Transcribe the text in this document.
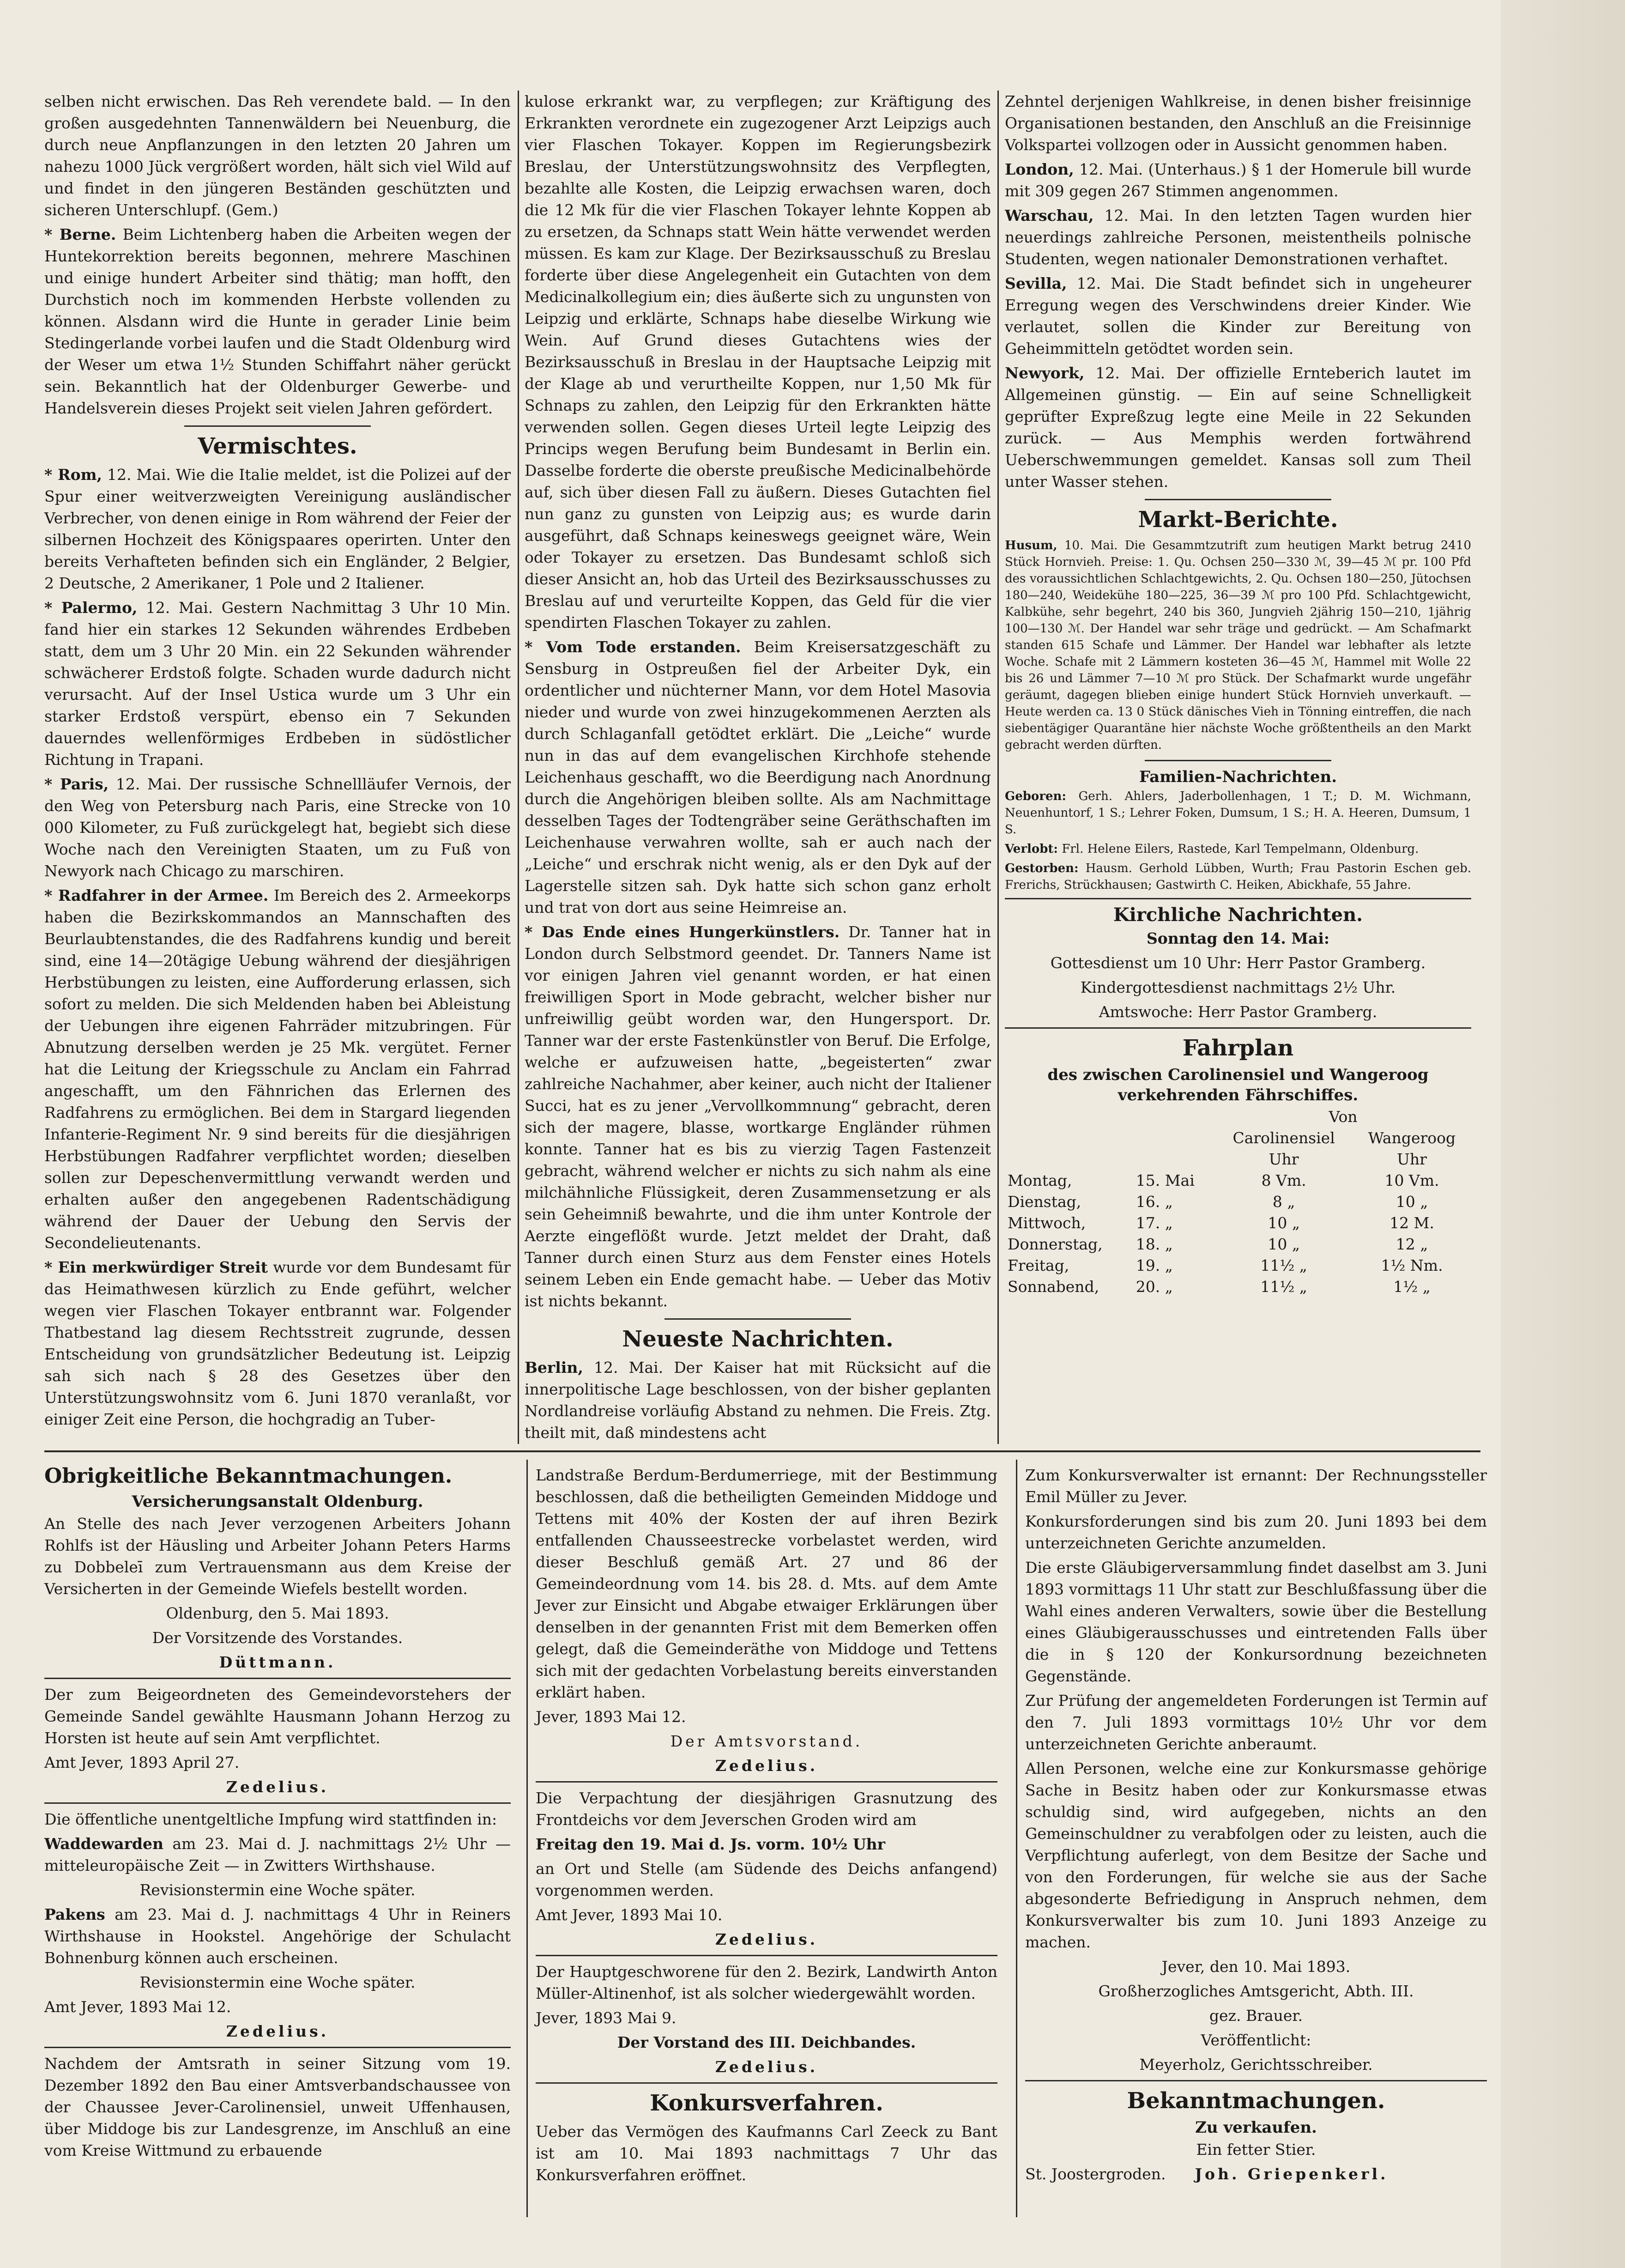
selben nicht erwischen. Das Reh verendete bald. — In den großen ausgedehnten Tannenwäldern bei Neuenburg, die durch neue Anpflanzungen in den letzten 20 Jahren um nahezu 1000 Jück vergrößert worden, hält sich viel Wild auf und findet in den jüngeren Beständen geschützten und sicheren Unterschlupf. (Gem.)

* Berne. Beim Lichtenberg haben die Arbeiten wegen der Huntekorrektion bereits begonnen, mehrere Maschinen und einige hundert Arbeiter sind thätig; man hofft, den Durchstich noch im kommenden Herbste vollenden zu können. Alsdann wird die Hunte in gerader Linie beim Stedingerlande vorbei laufen und die Stadt Oldenburg wird der Weser um etwa 1½ Stunden Schiffahrt näher gerückt sein. Bekanntlich hat der Oldenburger Gewerbe- und Handelsverein dieses Projekt seit vielen Jahren gefördert.

Vermischtes.

* Rom, 12. Mai. Wie die Italie meldet, ist die Polizei auf der Spur einer weitverzweigten Vereinigung ausländischer Verbrecher, von denen einige in Rom während der Feier der silbernen Hochzeit des Königspaares operirten. Unter den bereits Verhafteten befinden sich ein Engländer, 2 Belgier, 2 Deutsche, 2 Amerikaner, 1 Pole und 2 Italiener.

* Palermo, 12. Mai. Gestern Nachmittag 3 Uhr 10 Min. fand hier ein starkes 12 Sekunden währendes Erdbeben statt, dem um 3 Uhr 20 Min. ein 22 Sekunden währender schwächerer Erdstoß folgte. Schaden wurde dadurch nicht verursacht. Auf der Insel Ustica wurde um 3 Uhr ein starker Erdstoß verspürt, ebenso ein 7 Sekunden dauerndes wellenförmiges Erdbeben in südöstlicher Richtung in Trapani.

* Paris, 12. Mai. Der russische Schnellläufer Vernois, der den Weg von Petersburg nach Paris, eine Strecke von 10 000 Kilometer, zu Fuß zurückgelegt hat, begiebt sich diese Woche nach den Vereinigten Staaten, um zu Fuß von Newyork nach Chicago zu marschiren.

* Radfahrer in der Armee. Im Bereich des 2. Armeekorps haben die Bezirkskommandos an Mannschaften des Beurlaubtenstandes, die des Radfahrens kundig und bereit sind, eine 14—20tägige Uebung während der diesjährigen Herbstübungen zu leisten, eine Aufforderung erlassen, sich sofort zu melden. Die sich Meldenden haben bei Ableistung der Uebungen ihre eigenen Fahrräder mitzubringen. Für Abnutzung derselben werden je 25 Mk. vergütet. Ferner hat die Leitung der Kriegsschule zu Anclam ein Fahrrad angeschafft, um den Fähnrichen das Erlernen des Radfahrens zu ermöglichen. Bei dem in Stargard liegenden Infanterie-Regiment Nr. 9 sind bereits für die diesjährigen Herbstübungen Radfahrer verpflichtet worden; dieselben sollen zur Depeschenvermittlung verwandt werden und erhalten außer den angegebenen Radentschädigung während der Dauer der Uebung den Servis der Secondelieutenants.

* Ein merkwürdiger Streit wurde vor dem Bundesamt für das Heimathwesen kürzlich zu Ende geführt, welcher wegen vier Flaschen Tokayer entbrannt war. Folgender Thatbestand lag diesem Rechtsstreit zugrunde, dessen Entscheidung von grundsätzlicher Bedeutung ist. Leipzig sah sich nach § 28 des Gesetzes über den Unterstützungswohnsitz vom 6. Juni 1870 veranlaßt, vor einiger Zeit eine Person, die hochgradig an Tuber-

kulose erkrankt war, zu verpflegen; zur Kräftigung des Erkrankten verordnete ein zugezogener Arzt Leipzigs auch vier Flaschen Tokayer. Koppen im Regierungsbezirk Breslau, der Unterstützungswohnsitz des Verpflegten, bezahlte alle Kosten, die Leipzig erwachsen waren, doch die 12 Mk für die vier Flaschen Tokayer lehnte Koppen ab zu ersetzen, da Schnaps statt Wein hätte verwendet werden müssen. Es kam zur Klage. Der Bezirksausschuß zu Breslau forderte über diese Angelegenheit ein Gutachten von dem Medicinalkollegium ein; dies äußerte sich zu ungunsten von Leipzig und erklärte, Schnaps habe dieselbe Wirkung wie Wein. Auf Grund dieses Gutachtens wies der Bezirksausschuß in Breslau in der Hauptsache Leipzig mit der Klage ab und verurtheilte Koppen, nur 1,50 Mk für Schnaps zu zahlen, den Leipzig für den Erkrankten hätte verwenden sollen. Gegen dieses Urteil legte Leipzig des Princips wegen Berufung beim Bundesamt in Berlin ein. Dasselbe forderte die oberste preußische Medicinalbehörde auf, sich über diesen Fall zu äußern. Dieses Gutachten fiel nun ganz zu gunsten von Leipzig aus; es wurde darin ausgeführt, daß Schnaps keineswegs geeignet wäre, Wein oder Tokayer zu ersetzen. Das Bundesamt schloß sich dieser Ansicht an, hob das Urteil des Bezirksausschusses zu Breslau auf und verurteilte Koppen, das Geld für die vier spendirten Flaschen Tokayer zu zahlen.

* Vom Tode erstanden. Beim Kreisersatzgeschäft zu Sensburg in Ostpreußen fiel der Arbeiter Dyk, ein ordentlicher und nüchterner Mann, vor dem Hotel Masovia nieder und wurde von zwei hinzugekommenen Aerzten als durch Schlaganfall getödtet erklärt. Die „Leiche“ wurde nun in das auf dem evangelischen Kirchhofe stehende Leichenhaus geschafft, wo die Beerdigung nach Anordnung durch die Angehörigen bleiben sollte. Als am Nachmittage desselben Tages der Todtengräber seine Geräthschaften im Leichenhause verwahren wollte, sah er auch nach der „Leiche“ und erschrak nicht wenig, als er den Dyk auf der Lagerstelle sitzen sah. Dyk hatte sich schon ganz erholt und trat von dort aus seine Heimreise an.

* Das Ende eines Hungerkünstlers. Dr. Tanner hat in London durch Selbstmord geendet. Dr. Tanners Name ist vor einigen Jahren viel genannt worden, er hat einen freiwilligen Sport in Mode gebracht, welcher bisher nur unfreiwillig geübt worden war, den Hungersport. Dr. Tanner war der erste Fastenkünstler von Beruf. Die Erfolge, welche er aufzuweisen hatte, „begeisterten“ zwar zahlreiche Nachahmer, aber keiner, auch nicht der Italiener Succi, hat es zu jener „Vervollkommnung“ gebracht, deren sich der magere, blasse, wortkarge Engländer rühmen konnte. Tanner hat es bis zu vierzig Tagen Fastenzeit gebracht, während welcher er nichts zu sich nahm als eine milchähnliche Flüssigkeit, deren Zusammensetzung er als sein Geheimniß bewahrte, und die ihm unter Kontrole der Aerzte eingeflößt wurde. Jetzt meldet der Draht, daß Tanner durch einen Sturz aus dem Fenster eines Hotels seinem Leben ein Ende gemacht habe. — Ueber das Motiv ist nichts bekannt.

Neueste Nachrichten.

Berlin, 12. Mai. Der Kaiser hat mit Rücksicht auf die innerpolitische Lage beschlossen, von der bisher geplanten Nordlandreise vorläufig Abstand zu nehmen. Die Freis. Ztg. theilt mit, daß mindestens acht

Zehntel derjenigen Wahlkreise, in denen bisher freisinnige Organisationen bestanden, den Anschluß an die Freisinnige Volkspartei vollzogen oder in Aussicht genommen haben.

London, 12. Mai. (Unterhaus.) § 1 der Homerule bill wurde mit 309 gegen 267 Stimmen angenommen.

Warschau, 12. Mai. In den letzten Tagen wurden hier neuerdings zahlreiche Personen, meistentheils polnische Studenten, wegen nationaler Demonstrationen verhaftet.

Sevilla, 12. Mai. Die Stadt befindet sich in ungeheurer Erregung wegen des Verschwindens dreier Kinder. Wie verlautet, sollen die Kinder zur Bereitung von Geheimmitteln getödtet worden sein.

Newyork, 12. Mai. Der offizielle Ernteberich lautet im Allgemeinen günstig. — Ein auf seine Schnelligkeit geprüfter Expreßzug legte eine Meile in 22 Sekunden zurück. — Aus Memphis werden fortwährend Ueberschwemmungen gemeldet. Kansas soll zum Theil unter Wasser stehen.

Markt-Berichte.

Husum, 10. Mai. Die Gesammtzutrift zum heutigen Markt betrug 2410 Stück Hornvieh. Preise: 1. Qu. Ochsen 250—330 ℳ, 39—45 ℳ pr. 100 Pfd des voraussichtlichen Schlachtgewichts, 2. Qu. Ochsen 180—250, Jütochsen 180—240, Weidekühe 180—225, 36—39 ℳ pro 100 Pfd. Schlachtgewicht, Kalbkühe, sehr begehrt, 240 bis 360, Jungvieh 2jährig 150—210, 1jährig 100—130 ℳ. Der Handel war sehr träge und gedrückt. — Am Schafmarkt standen 615 Schafe und Lämmer. Der Handel war lebhafter als letzte Woche. Schafe mit 2 Lämmern kosteten 36—45 ℳ, Hammel mit Wolle 22 bis 26 und Lämmer 7—10 ℳ pro Stück. Der Schafmarkt wurde ungefähr geräumt, dagegen blieben einige hundert Stück Hornvieh unverkauft. — Heute werden ca. 13 0 Stück dänisches Vieh in Tönning eintreffen, die nach siebentägiger Quarantäne hier nächste Woche größtentheils an den Markt gebracht werden dürften.

Familien-Nachrichten.

Geboren: Gerh. Ahlers, Jaderbollenhagen, 1 T.; D. M. Wichmann, Neuenhuntorf, 1 S.; Lehrer Foken, Dumsum, 1 S.; H. A. Heeren, Dumsum, 1 S.

Verlobt: Frl. Helene Eilers, Rastede, Karl Tempelmann, Oldenburg.

Gestorben: Hausm. Gerhold Lübben, Wurth; Frau Pastorin Eschen geb. Frerichs, Strückhausen; Gastwirth C. Heiken, Abickhafe, 55 Jahre.

Kirchliche Nachrichten.

Sonntag den 14. Mai:

Gottesdienst um 10 Uhr: Herr Pastor Gramberg.

Kindergottesdienst nachmittags 2½ Uhr.

Amtswoche: Herr Pastor Gramberg.

Fahrplan
des zwischen Carolinensiel und Wangeroog
verkehrenden Fährschiffes.
		Von	
		Carolinensiel	Wangeroog
		Uhr	Uhr
Montag,	15. Mai	8 Vm.	10 Vm.
Dienstag,	16. „	8 „	10 „
Mittwoch,	17. „	10 „	12 M.
Donnerstag,	18. „	10 „	12 „
Freitag,	19. „	11½ „	1½ Nm.
Sonnabend,	20. „	11½ „	1½ „
Obrigkeitliche Bekanntmachungen.
Versicherungsanstalt Oldenburg.

An Stelle des nach Jever verzogenen Arbeiters Johann Rohlfs ist der Häusling und Arbeiter Johann Peters Harms zu Dobbeleī zum Vertrauensmann aus dem Kreise der Versicherten in der Gemeinde Wiefels bestellt worden.

Oldenburg, den 5. Mai 1893.

Der Vorsitzende des Vorstandes.

Düttmann.

Der zum Beigeordneten des Gemeindevorstehers der Gemeinde Sandel gewählte Hausmann Johann Herzog zu Horsten ist heute auf sein Amt verpflichtet.

Amt Jever, 1893 April 27.

Zedelius.

Die öffentliche unentgeltliche Impfung wird stattfinden in:

Waddewarden am 23. Mai d. J. nachmittags 2½ Uhr — mitteleuropäische Zeit — in Zwitters Wirthshause.

Revisionstermin eine Woche später.

Pakens am 23. Mai d. J. nachmittags 4 Uhr in Reiners Wirthshause in Hookstel. Angehörige der Schulacht Bohnenburg können auch erscheinen.

Revisionstermin eine Woche später.

Amt Jever, 1893 Mai 12.

Zedelius.

Nachdem der Amtsrath in seiner Sitzung vom 19. Dezember 1892 den Bau einer Amtsverbandschaussee von der Chaussee Jever-Carolinensiel, unweit Uffenhausen, über Middoge bis zur Landesgrenze, im Anschluß an eine vom Kreise Wittmund zu erbauende

Landstraße Berdum-Berdumerriege, mit der Bestimmung beschlossen, daß die betheiligten Gemeinden Middoge und Tettens mit 40% der Kosten der auf ihren Bezirk entfallenden Chausseestrecke vorbelastet werden, wird dieser Beschluß gemäß Art. 27 und 86 der Gemeindeordnung vom 14. bis 28. d. Mts. auf dem Amte Jever zur Einsicht und Abgabe etwaiger Erklärungen über denselben in der genannten Frist mit dem Bemerken offen gelegt, daß die Gemeinderäthe von Middoge und Tettens sich mit der gedachten Vorbelastung bereits einverstanden erklärt haben.

Jever, 1893 Mai 12.

Der Amtsvorstand.

Zedelius.

Die Verpachtung der diesjährigen Grasnutzung des Frontdeichs vor dem Jeverschen Groden wird am

Freitag den 19. Mai d. Js. vorm. 10½ Uhr

an Ort und Stelle (am Südende des Deichs anfangend) vorgenommen werden.

Amt Jever, 1893 Mai 10.

Zedelius.

Der Hauptgeschworene für den 2. Bezirk, Landwirth Anton Müller-Altinenhof, ist als solcher wiedergewählt worden.

Jever, 1893 Mai 9.

Der Vorstand des III. Deichbandes.

Zedelius.

Konkursverfahren.

Ueber das Vermögen des Kaufmanns Carl Zeeck zu Bant ist am 10. Mai 1893 nachmittags 7 Uhr das Konkursverfahren eröffnet.

Zum Konkursverwalter ist ernannt: Der Rechnungssteller Emil Müller zu Jever.

Konkursforderungen sind bis zum 20. Juni 1893 bei dem unterzeichneten Gerichte anzumelden.

Die erste Gläubigerversammlung findet daselbst am 3. Juni 1893 vormittags 11 Uhr statt zur Beschlußfassung über die Wahl eines anderen Verwalters, sowie über die Bestellung eines Gläubigerausschusses und eintretenden Falls über die in § 120 der Konkursordnung bezeichneten Gegenstände.

Zur Prüfung der angemeldeten Forderungen ist Termin auf den 7. Juli 1893 vormittags 10½ Uhr vor dem unterzeichneten Gerichte anberaumt.

Allen Personen, welche eine zur Konkursmasse gehörige Sache in Besitz haben oder zur Konkursmasse etwas schuldig sind, wird aufgegeben, nichts an den Gemeinschuldner zu verabfolgen oder zu leisten, auch die Verpflichtung auferlegt, von dem Besitze der Sache und von den Forderungen, für welche sie aus der Sache abgesonderte Befriedigung in Anspruch nehmen, dem Konkursverwalter bis zum 10. Juni 1893 Anzeige zu machen.

Jever, den 10. Mai 1893.

Großherzogliches Amtsgericht, Abth. III.

gez. Brauer.

Veröffentlicht:

Meyerholz, Gerichtsschreiber.

Bekanntmachungen.
Zu verkaufen.

Ein fetter Stier.

St. Joostergroden. Joh. Griepenkerl.
